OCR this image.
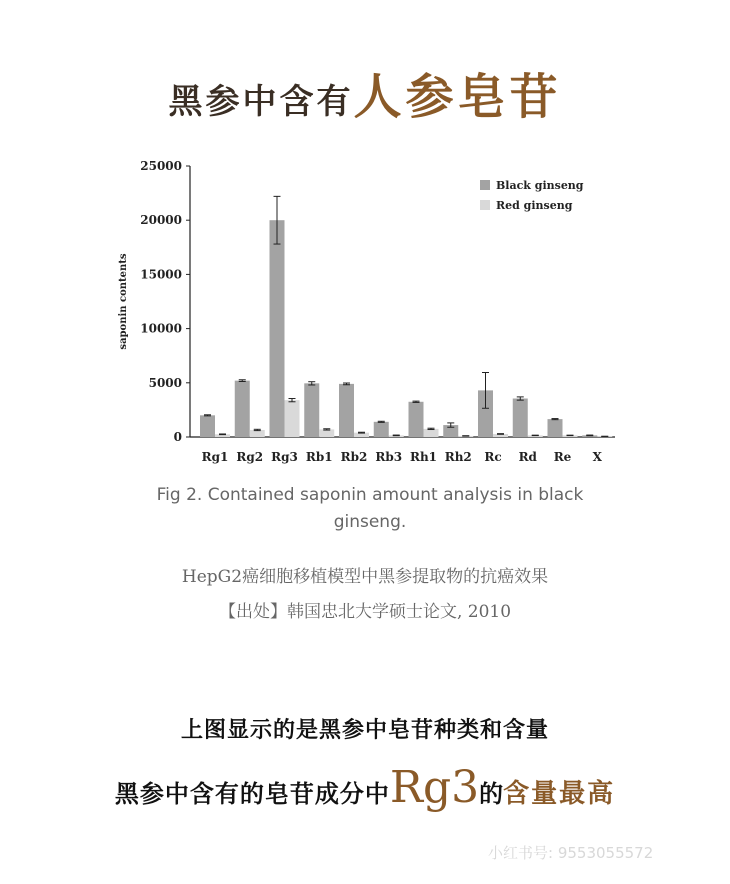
黑参中含有人参皂苷
0
5000
10000
15000
20000
25000
saponin contents
Rg1 Rg2 Rg3 Rb1 Rb2 Rb3 Rh1 Rh2 Rc Rd Re X
Black ginseng
Red ginseng
Fig 2. Contained saponin amount analysis in black ginseng.
HepG2癌细胞移植模型中黑参提取物的抗癌效果
【出处】韩国忠北大学硕士论文, 2010
上图显示的是黑参中皂苷种类和含量
黑参中含有的皂苷成分中Rg3的含量最高
小红书号: 9553055572
